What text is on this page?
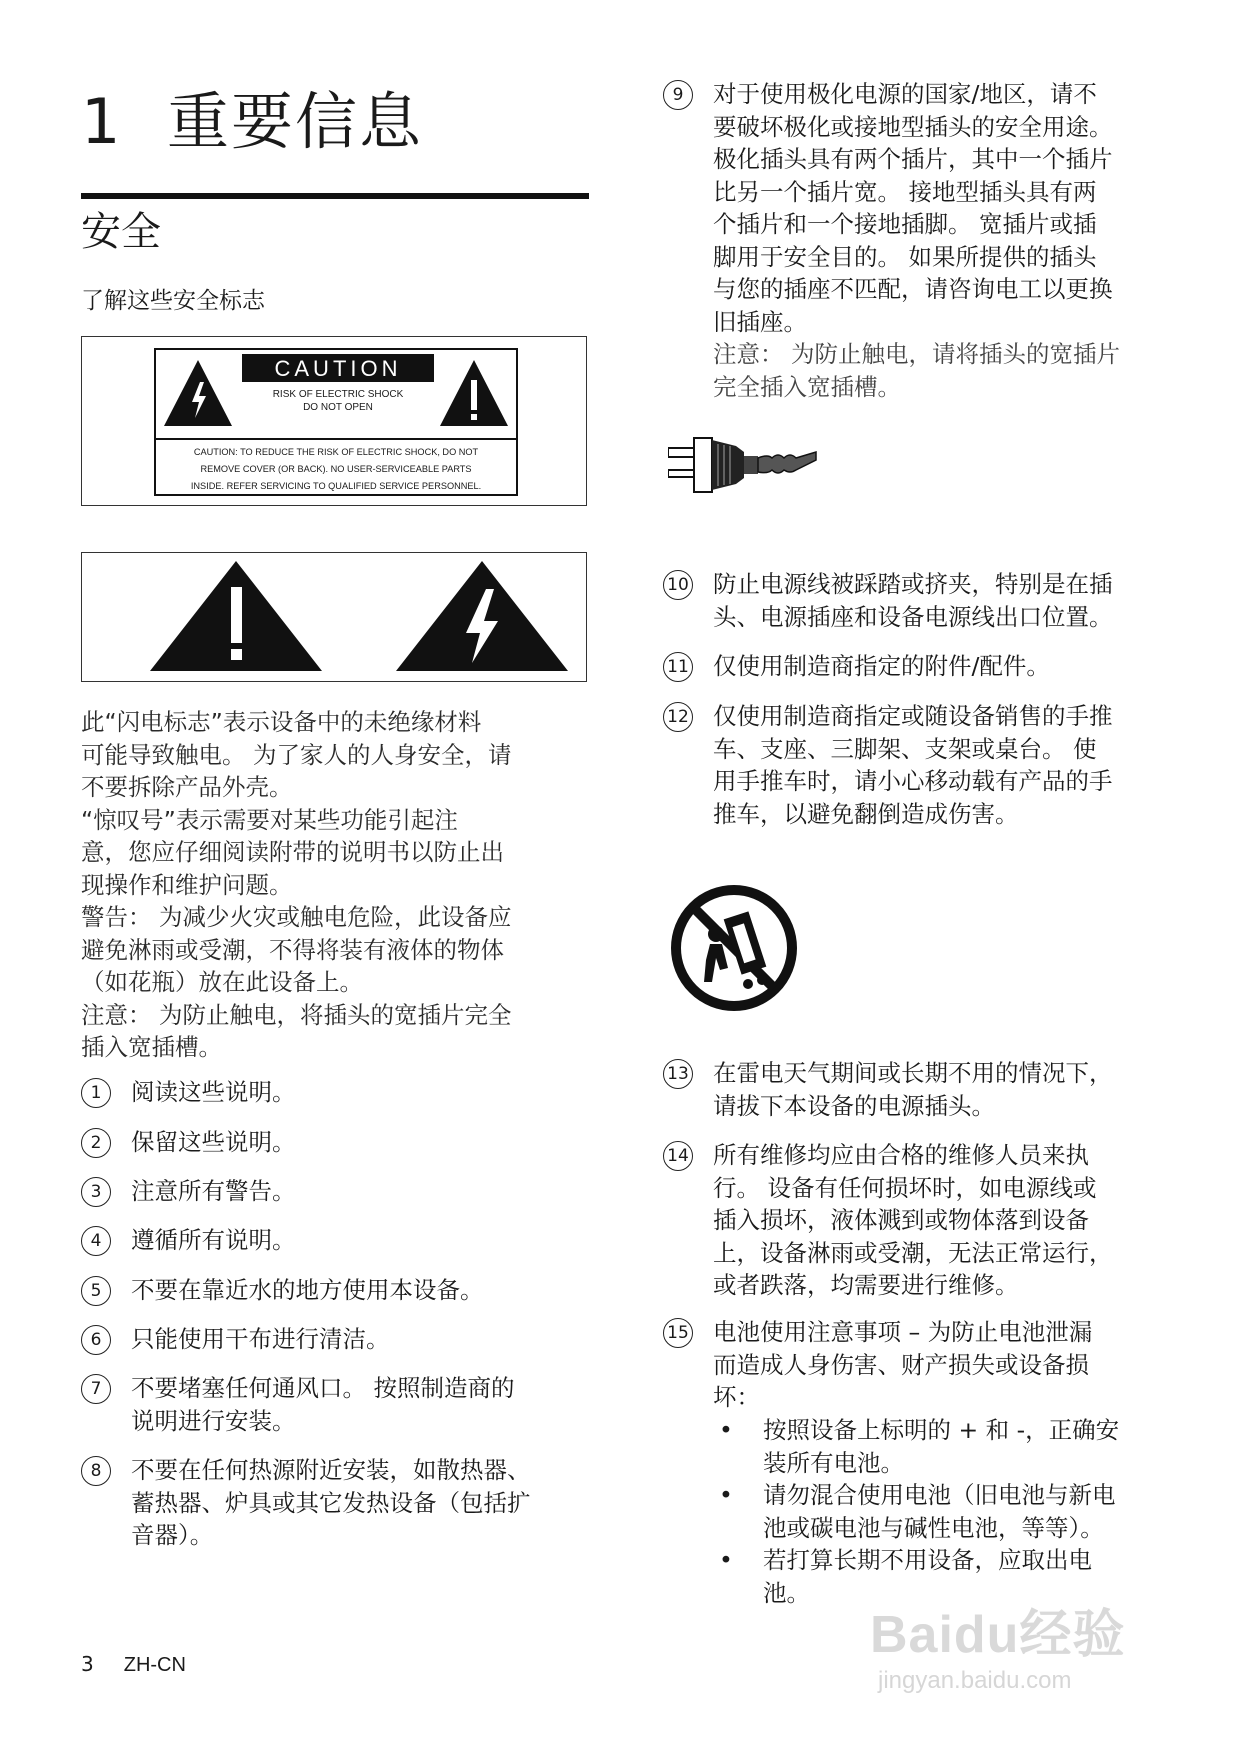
1 重要信息
安全
了解这些安全标志
CAUTION
RISK OF ELECTRIC SHOCK
DO NOT OPEN
CAUTION: TO REDUCE THE RISK OF ELECTRIC SHOCK, DO NOT
REMOVE COVER (OR BACK). NO USER-SERVICEABLE PARTS
INSIDE. REFER SERVICING TO QUALIFIED SERVICE PERSONNEL.
此“闪电标志”表示设备中的未绝缘材料
可能导致触电。 为了家人的人身安全，请
不要拆除产品外壳。
“惊叹号”表示需要对某些功能引起注
意，您应仔细阅读附带的说明书以防止出
现操作和维护问题。
警告： 为减少火灾或触电危险，此设备应
避免淋雨或受潮，不得将装有液体的物体
（如花瓶）放在此设备上。
注意： 为防止触电，将插头的宽插片完全
插入宽插槽。
1	阅读这些说明。
2	保留这些说明。
3	注意所有警告。
4	遵循所有说明。
5	不要在靠近水的地方使用本设备。
6	只能使用干布进行清洁。
7	不要堵塞任何通风口。 按照制造商的
说明进行安装。
8	不要在任何热源附近安装，如散热器、
蓄热器、炉具或其它发热设备（包括扩
音器）。
9	对于使用极化电源的国家/地区，请不
要破坏极化或接地型插头的安全用途。
极化插头具有两个插片，其中一个插片
比另一个插片宽。 接地型插头具有两
个插片和一个接地插脚。 宽插片或插
脚用于安全目的。 如果所提供的插头
与您的插座不匹配，请咨询电工以更换
旧插座。
注意： 为防止触电，请将插头的宽插片
完全插入宽插槽。
10 防止电源线被踩踏或挤夹，特别是在插
头、电源插座和设备电源线出口位置。
11 仅使用制造商指定的附件/配件。
12 仅使用制造商指定或随设备销售的手推
车、支座、三脚架、支架或桌台。 使
用手推车时，请小心移动载有产品的手
推车，以避免翻倒造成伤害。
13 在雷电天气期间或长期不用的情况下，
请拔下本设备的电源插头。
14 所有维修均应由合格的维修人员来执
行。 设备有任何损坏时，如电源线或
插入损坏，液体溅到或物体落到设备
上，设备淋雨或受潮，无法正常运行，
或者跌落，均需要进行维修。
15 电池使用注意事项 – 为防止电池泄漏
而造成人身伤害、财产损失或设备损
坏：
• 按照设备上标明的 + 和 -，正确安
装所有电池。
• 请勿混合使用电池（旧电池与新电
池或碳电池与碱性电池，等等）。
• 若打算长期不用设备，应取出电
池。
3 ZH-CN
Baidu经验
jingyan.baidu.com
